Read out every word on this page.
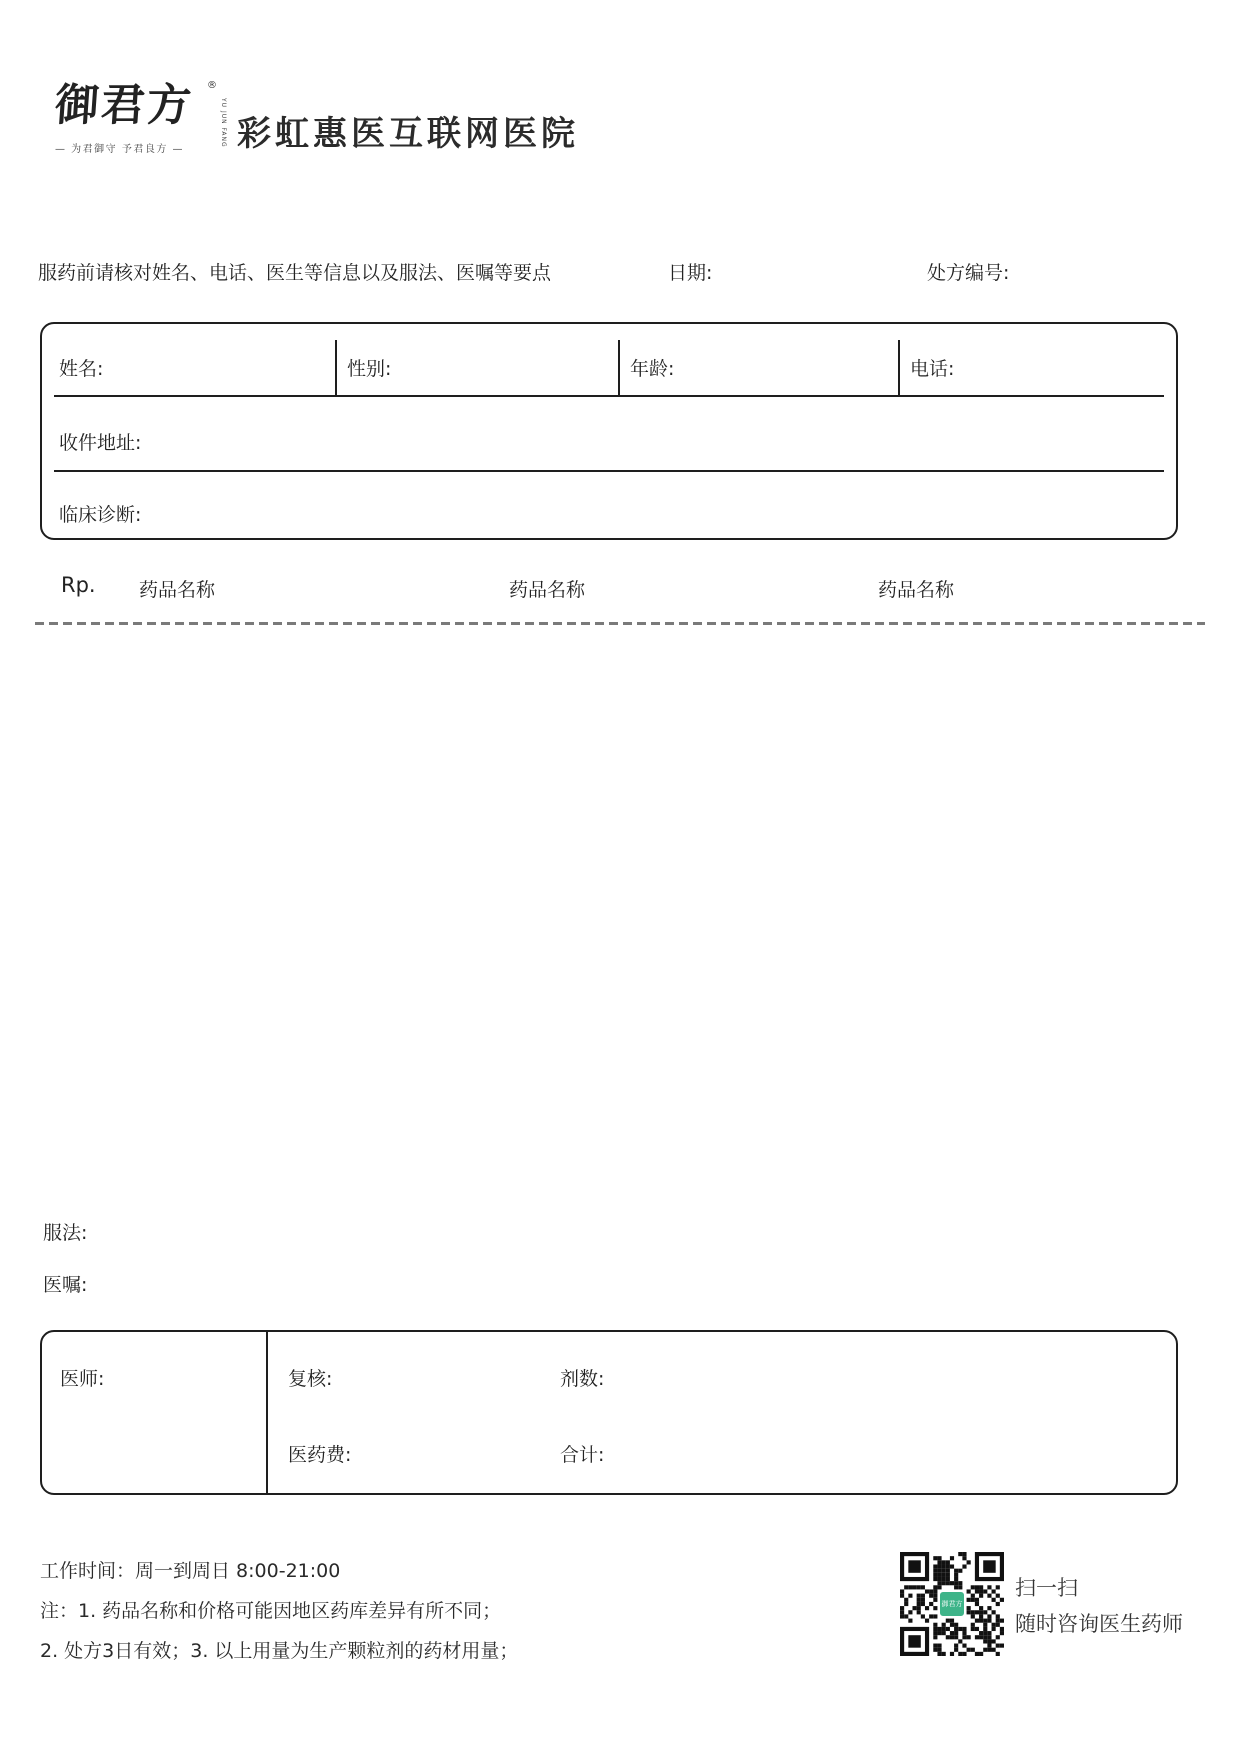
御君方 ®
YU JUN FANG
— 为君御守 予君良方 —	彩虹惠医互联网医院
服药前请核对姓名、电话、医生等信息以及服法、医嘱等要点	日期:	处方编号:
姓名:	性别:	年龄:	电话:
收件地址:
临床诊断:
Rp. 药品名称	药品名称	药品名称
服法:
医嘱:
医师:	复核:	剂数:
医药费:	合计:
工作时间：周一到周日 8:00-21:00
注：1. 药品名称和价格可能因地区药库差异有所不同；
2. 处方3日有效；3. 以上用量为生产颗粒剂的药材用量；
御君方
扫一扫
随时咨询医生药师
